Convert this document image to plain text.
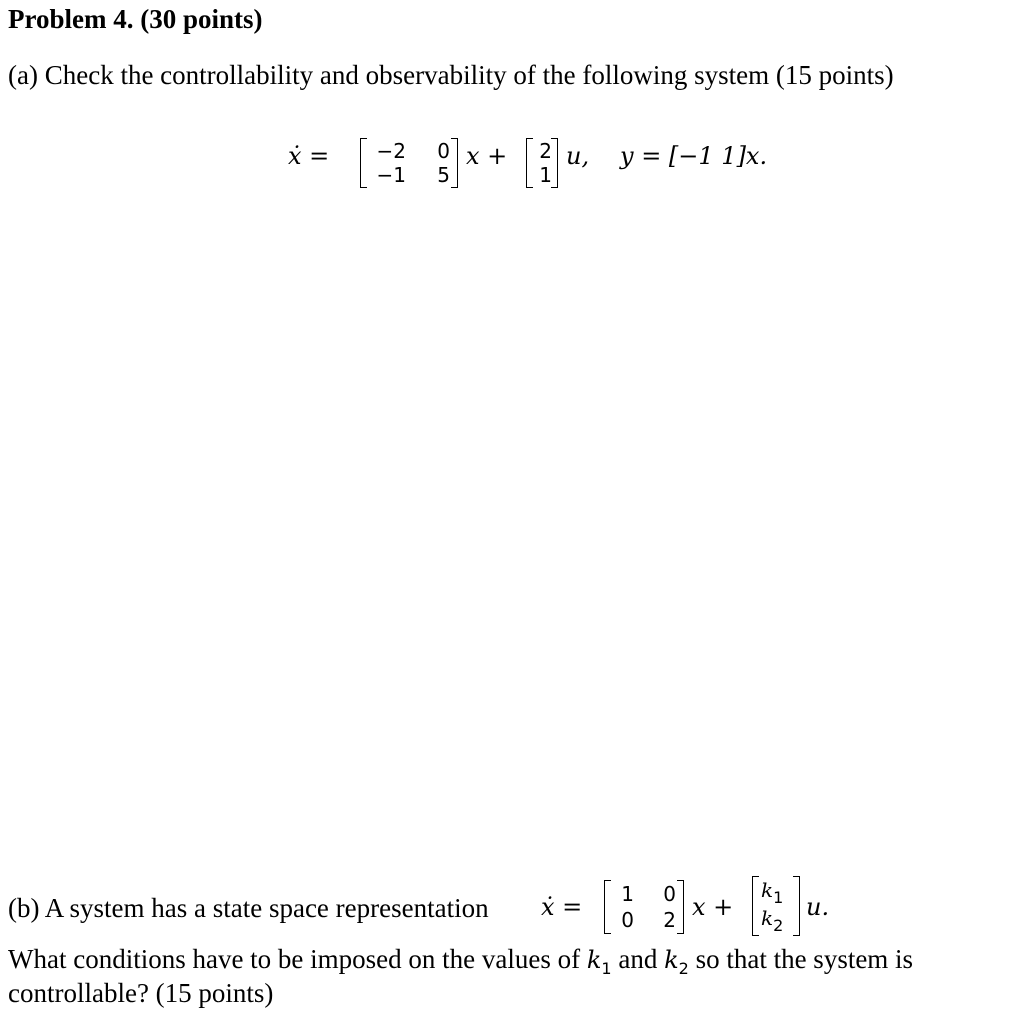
Problem 4. (30 points)
(a) Check the controllability and observability of the following system (15 points)
ẋ =	−2	0
−1	5
x +	2
1
u, y = [−1 1]x.
(b) A system has a state space representation ẋ =	1	0
0	2 x +
$k_1$
$k_2$
u.
What conditions have to be imposed on the values of $k_1$ and $k_2$ so that the system is
controllable? (15 points)
